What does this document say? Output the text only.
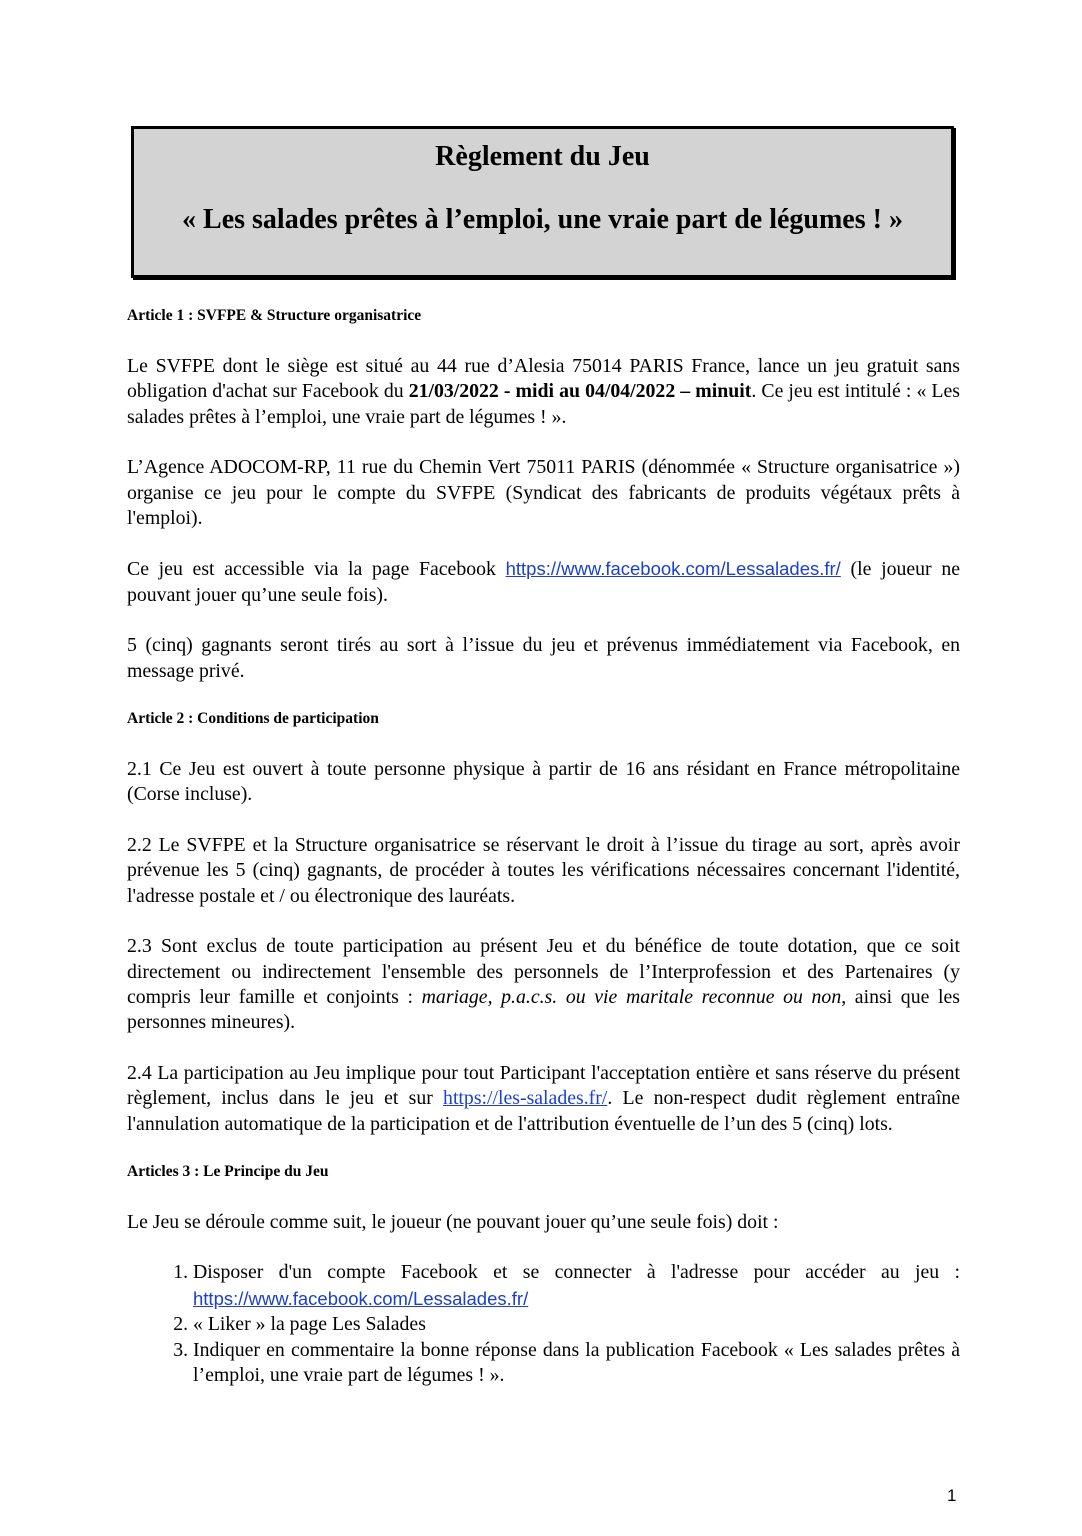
Règlement du Jeu
« Les salades prêtes à l’emploi, une vraie part de légumes ! »
Article 1 : SVFPE & Structure organisatrice

Le SVFPE dont le siège est situé au 44 rue d’Alesia 75014 PARIS France, lance un jeu gratuit sans obligation d'achat sur Facebook du 21/03/2022 - midi au 04/04/2022 – minuit. Ce jeu est intitulé : « Les salades prêtes à l’emploi, une vraie part de légumes ! ».

L’Agence ADOCOM-RP, 11 rue du Chemin Vert 75011 PARIS (dénommée « Structure organisatrice ») organise ce jeu pour le compte du SVFPE (Syndicat des fabricants de produits végétaux prêts à l'emploi).

Ce jeu est accessible via la page Facebook https://www.facebook.com/Lessalades.fr/ (le joueur ne pouvant jouer qu’une seule fois).

5 (cinq) gagnants seront tirés au sort à l’issue du jeu et prévenus immédiatement via Facebook, en message privé.

Article 2 : Conditions de participation

2.1 Ce Jeu est ouvert à toute personne physique à partir de 16 ans résidant en France métropolitaine (Corse incluse).

2.2 Le SVFPE et la Structure organisatrice se réservant le droit à l’issue du tirage au sort, après avoir prévenue les 5 (cinq) gagnants, de procéder à toutes les vérifications nécessaires concernant l'identité, l'adresse postale et / ou électronique des lauréats.

2.3 Sont exclus de toute participation au présent Jeu et du bénéfice de toute dotation, que ce soit directement ou indirectement l'ensemble des personnels de l’Interprofession et des Partenaires (y compris leur famille et conjoints : mariage, p.a.c.s. ou vie maritale reconnue ou non, ainsi que les personnes mineures).

2.4 La participation au Jeu implique pour tout Participant l'acceptation entière et sans réserve du présent règlement, inclus dans le jeu et sur https://les-salades.fr/. Le non-respect dudit règlement entraîne l'annulation automatique de la participation et de l'attribution éventuelle de l’un des 5 (cinq) lots.

Articles 3 : Le Principe du Jeu

Le Jeu se déroule comme suit, le joueur (ne pouvant jouer qu’une seule fois) doit :

1. Disposer d'un compte Facebook et se connecter à l'adresse pour accéder au jeu : https://www.facebook.com/Lessalades.fr/
2. « Liker » la page Les Salades
3. Indiquer en commentaire la bonne réponse dans la publication Facebook « Les salades prêtes à l’emploi, une vraie part de légumes ! ».
1
